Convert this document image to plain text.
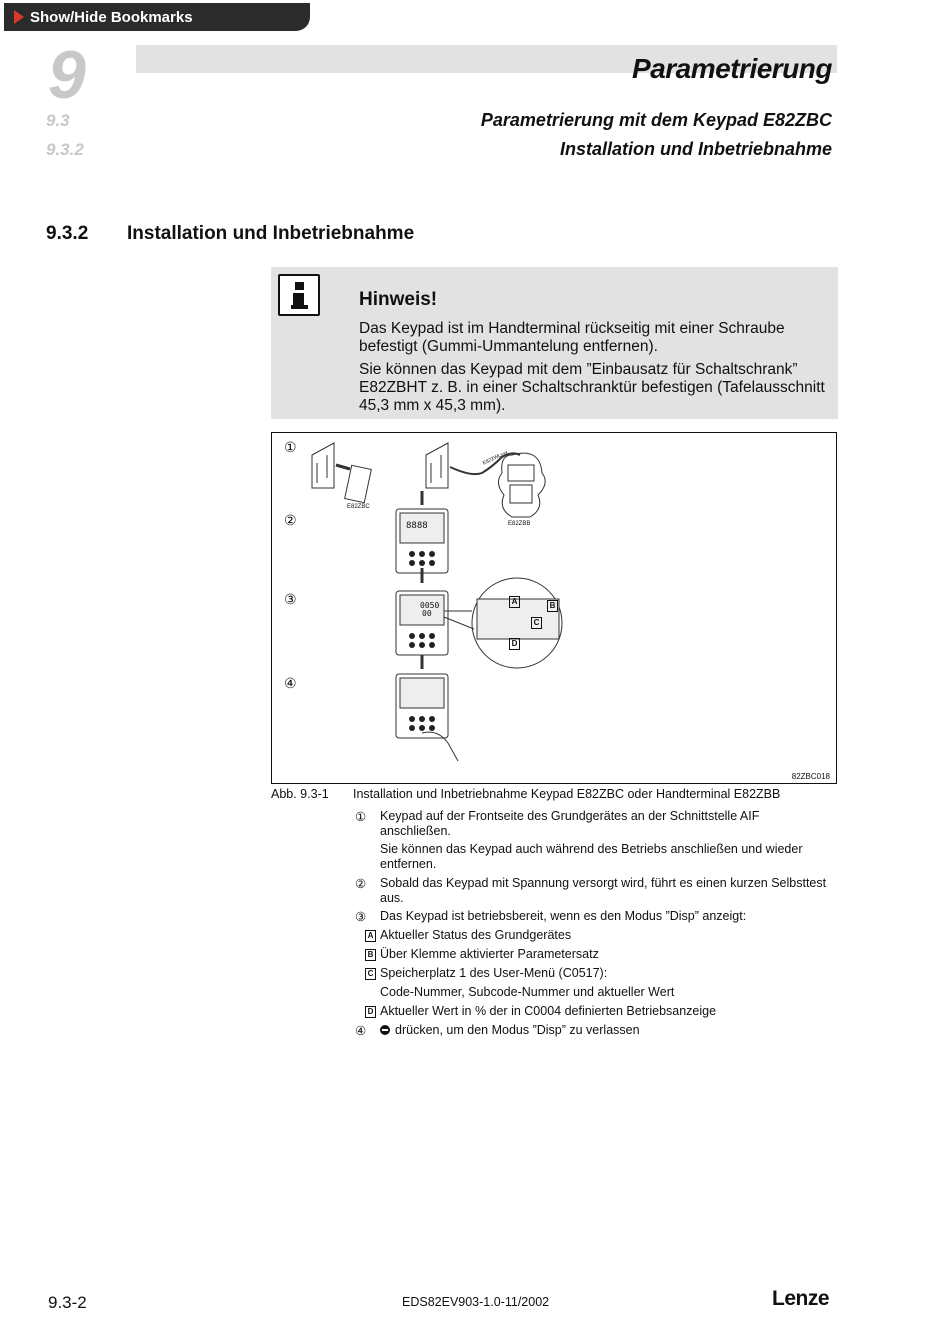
Show/Hide Bookmarks
9
9.3
9.3.2
Parametrierung
Parametrierung mit dem Keypad E82ZBC
Installation und Inbetriebnahme
9.3.2 Installation und Inbetriebnahme
Hinweis!
Das Keypad ist im Handterminal rückseitig mit einer Schraube befestigt (Gummi-Ummantelung entfernen).
Sie können das Keypad mit dem ”Einbausatz für Schaltschrank” E82ZBHT z. B. in einer Schaltschranktür befestigen (Tafelausschnitt 45,3 mm x 45,3 mm).
①
②
③
④
E82ZBC
E82ZBB
E82ZWLxxx
8888
0050
00
A	B
C
D
82ZBC018
Abb. 9.3-1 Installation und Inbetriebnahme Keypad E82ZBC oder Handterminal E82ZBB
① Keypad auf der Frontseite des Grundgerätes an der Schnittstelle AIF anschließen.
Sie können das Keypad auch während des Betriebs anschließen und wieder entfernen.
② Sobald das Keypad mit Spannung versorgt wird, führt es einen kurzen Selbsttest aus.
③ Das Keypad ist betriebsbereit, wenn es den Modus ”Disp” anzeigt:
A Aktueller Status des Grundgerätes
B Über Klemme aktivierter Parametersatz
C Speicherplatz 1 des User-Menü (C0517):
Code-Nummer, Subcode-Nummer und aktueller Wert
D Aktueller Wert in % der in C0004 definierten Betriebsanzeige
④ drücken, um den Modus ”Disp” zu verlassen
9.3-2	EDS82EV903-1.0-11/2002	Lenze
